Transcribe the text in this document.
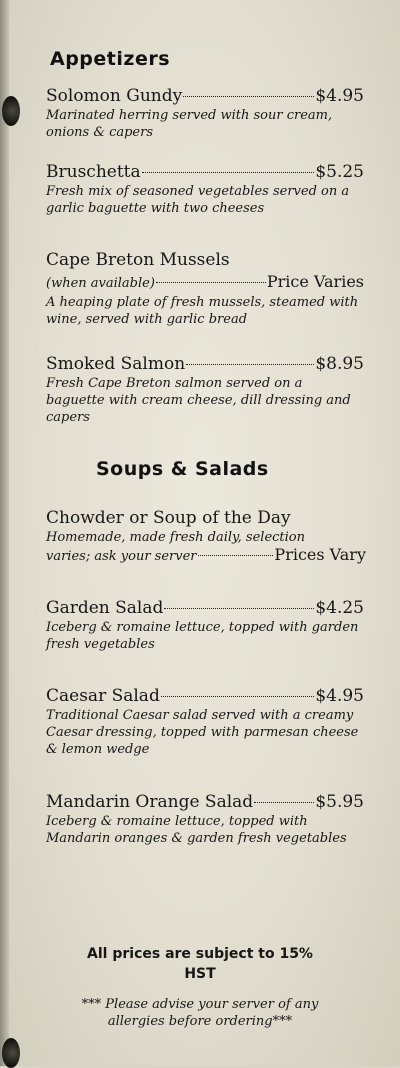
Appetizers
Solomon Gundy	$4.95
Marinated herring served with sour cream, onions & capers
Bruschetta	$5.25
Fresh mix of seasoned vegetables served on a garlic baguette with two cheeses
Cape Breton Mussels
(when available)	Price Varies
A heaping plate of fresh mussels, steamed with wine, served with garlic bread
Smoked Salmon	$8.95
Fresh Cape Breton salmon served on a baguette with cream cheese, dill dressing and capers
Soups & Salads
Chowder or Soup of the Day
Homemade, made fresh daily, selection
varies; ask your server	Prices Vary
Garden Salad	$4.25
Iceberg & romaine lettuce, topped with garden fresh vegetables
Caesar Salad	$4.95
Traditional Caesar salad served with a creamy Caesar dressing, topped with parmesan cheese & lemon wedge
Mandarin Orange Salad	$5.95
Iceberg & romaine lettuce, topped with Mandarin oranges & garden fresh vegetables
All prices are subject to 15% HST
*** Please advise your server of any allergies before ordering***
